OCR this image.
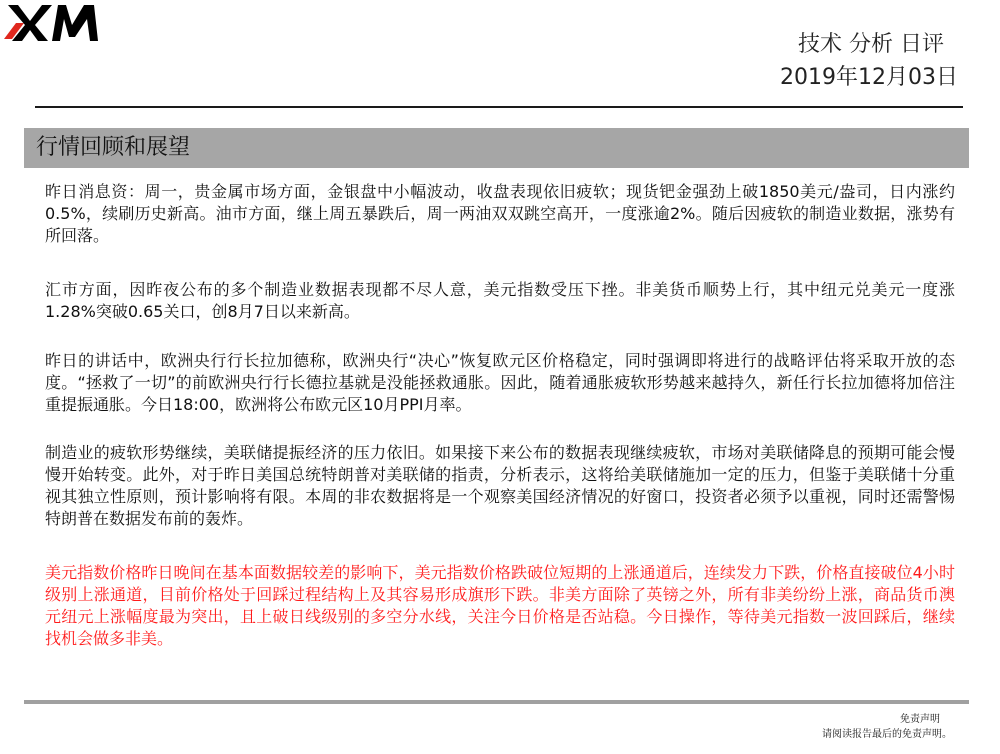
技术 分析 日评
2019年12月03日
行情回顾和展望

昨日消息资：周一，贵金属市场方面，金银盘中小幅波动，收盘表现依旧疲软；现货钯金强劲上破1850美元/盎司，日内涨约0.5%，续刷历史新高。油市方面，继上周五暴跌后，周一两油双双跳空高开，一度涨逾2%。随后因疲软的制造业数据，涨势有所回落。

汇市方面，因昨夜公布的多个制造业数据表现都不尽人意，美元指数受压下挫。非美货币顺势上行，其中纽元兑美元一度涨1.28%突破0.65关口，创8月7日以来新高。

昨日的讲话中，欧洲央行行长拉加德称，欧洲央行“决心”恢复欧元区价格稳定，同时强调即将进行的战略评估将采取开放的态度。“拯救了一切”的前欧洲央行行长德拉基就是没能拯救通胀。因此，随着通胀疲软形势越来越持久，新任行长拉加德将加倍注重提振通胀。今日18:00，欧洲将公布欧元区10月PPI月率。

制造业的疲软形势继续，美联储提振经济的压力依旧。如果接下来公布的数据表现继续疲软，市场对美联储降息的预期可能会慢慢开始转变。此外，对于昨日美国总统特朗普对美联储的指责，分析表示，这将给美联储施加一定的压力，但鉴于美联储十分重视其独立性原则，预计影响将有限。本周的非农数据将是一个观察美国经济情况的好窗口，投资者必须予以重视，同时还需警惕特朗普在数据发布前的轰炸。

美元指数价格昨日晚间在基本面数据较差的影响下，美元指数价格跌破位短期的上涨通道后，连续发力下跌，价格直接破位4小时级别上涨通道，目前价格处于回踩过程结构上及其容易形成旗形下跌。非美方面除了英镑之外，所有非美纷纷上涨，商品货币澳元纽元上涨幅度最为突出，且上破日线级别的多空分水线，关注今日价格是否站稳。今日操作，等待美元指数一波回踩后，继续找机会做多非美。

免责声明
请阅读报告最后的免责声明。
